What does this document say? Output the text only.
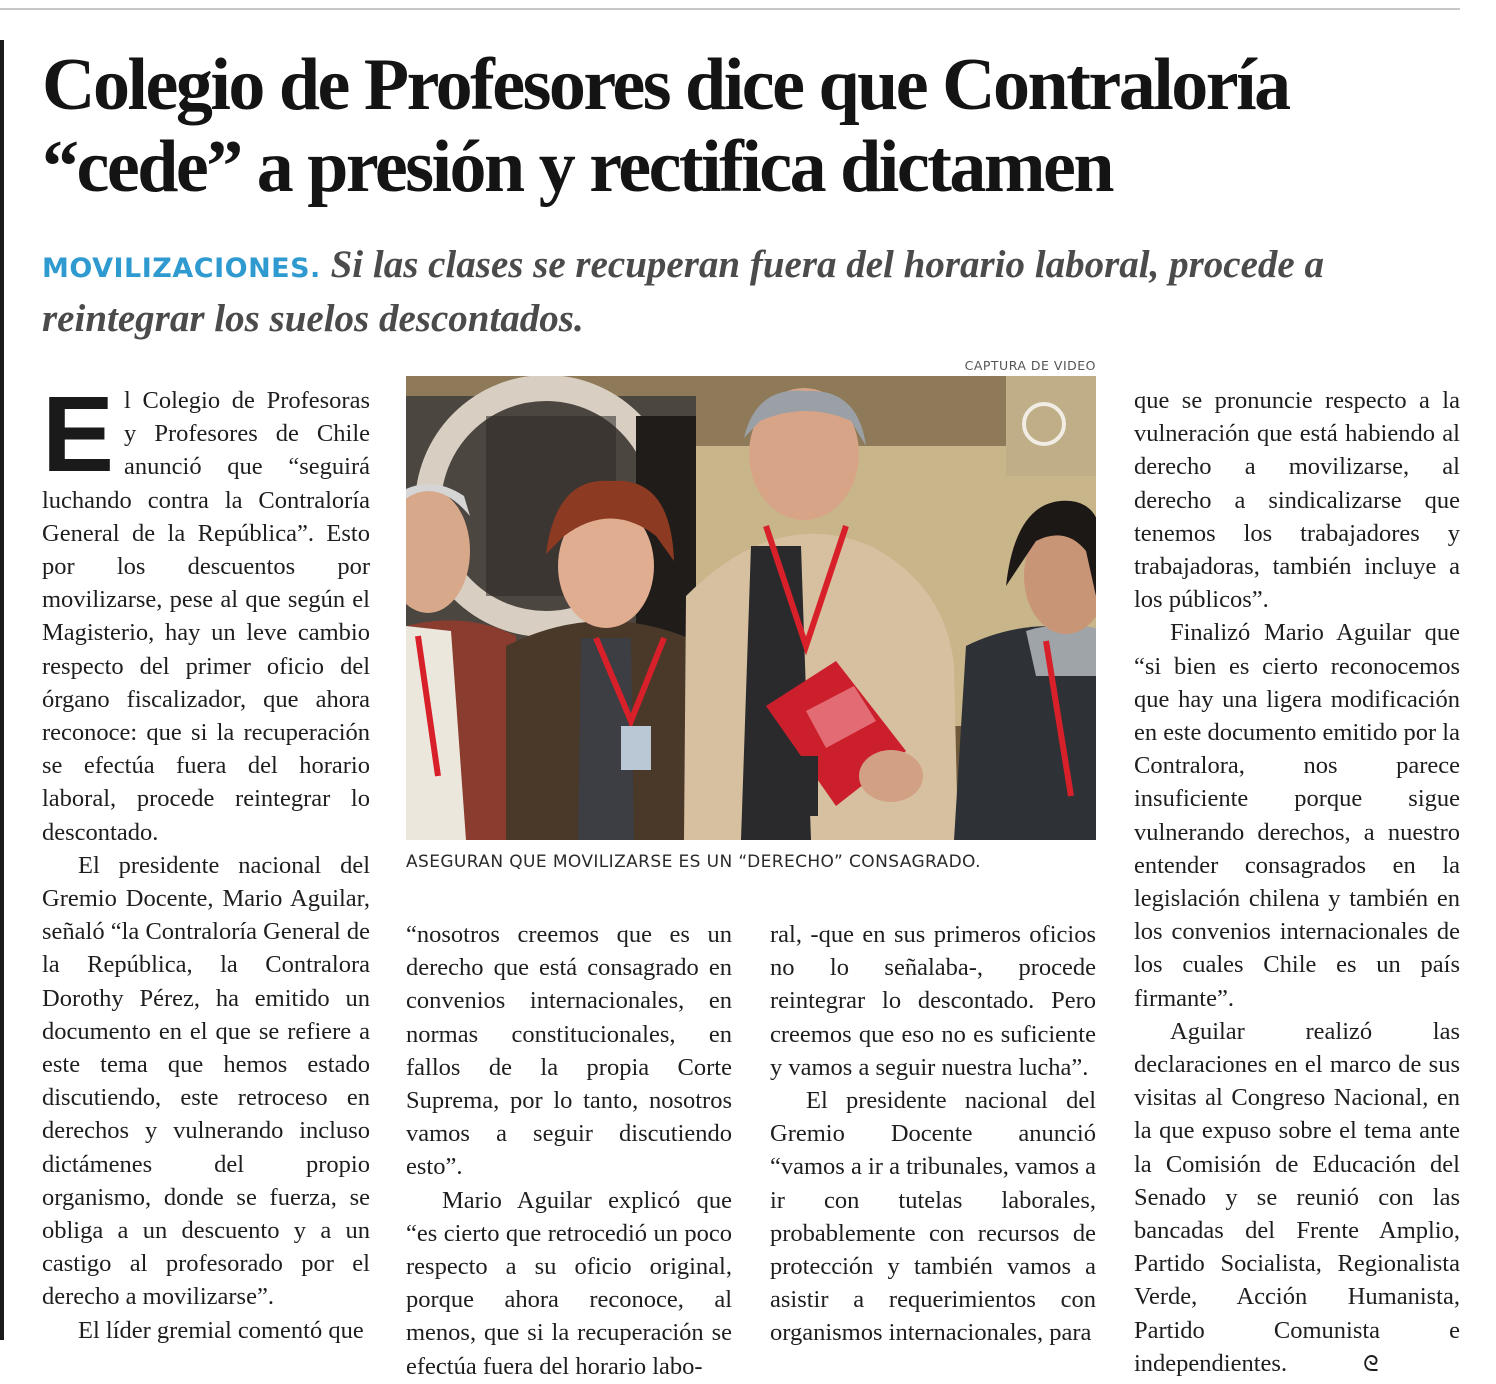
Colegio de Profesores dice que Contraloría
“cede” a presión y rectifica dictamen
MOVILIZACIONES. Si las clases se recuperan fuera del horario laboral, procede a reintegrar los suelos descontados.

El Colegio de Profesoras y Profesores de Chile anunció que “seguirá luchando contra la Contraloría General de la República”. Esto por los descuentos por movilizarse, pese al que según el Magisterio, hay un leve cambio respecto del primer oficio del órgano fiscalizador, que ahora reconoce: que si la recuperación se efectúa fuera del horario laboral, procede reintegrar lo descontado.

El presidente nacional del Gremio Docente, Mario Aguilar, señaló “la Contraloría General de la República, la Contralora Dorothy Pérez, ha emitido un documento en el que se refiere a este tema que hemos estado discutiendo, este retroceso en derechos y vulnerando incluso dictámenes del propio organismo, donde se fuerza, se obliga a un descuento y a un castigo al profesorado por el derecho a movilizarse”.

El líder gremial comentó que

CAPTURA DE VIDEO
ASEGURAN QUE MOVILIZARSE ES UN “DERECHO” CONSAGRADO.

“nosotros creemos que es un derecho que está consagrado en convenios internacionales, en normas constitucionales, en fallos de la propia Corte Suprema, por lo tanto, nosotros vamos a seguir discutiendo esto”.

Mario Aguilar explicó que “es cierto que retrocedió un poco respecto a su oficio original, porque ahora reconoce, al menos, que si la recuperación se efectúa fuera del horario labo-

ral, -que en sus primeros oficios no lo señalaba-, procede reintegrar lo descontado. Pero creemos que eso no es suficiente y vamos a seguir nuestra lucha”.

El presidente nacional del Gremio Docente anunció “vamos a ir a tribunales, vamos a ir con tutelas laborales, probablemente con recursos de protección y también vamos a asistir a requerimientos con organismos internacionales, para

que se pronuncie respecto a la vulneración que está habiendo al derecho a movilizarse, al derecho a sindicalizarse que tenemos los trabajadores y trabajadoras, también incluye a los públicos”.

Finalizó Mario Aguilar que “si bien es cierto reconocemos que hay una ligera modificación en este documento emitido por la Contralora, nos parece insuficiente porque sigue vulnerando derechos, a nuestro entender consagrados en la legislación chilena y también en los convenios internacionales de los cuales Chile es un país firmante”.

Aguilar realizó las declaraciones en el marco de sus visitas al Congreso Nacional, en la que expuso sobre el tema ante la Comisión de Educación del Senado y se reunió con las bancadas del Frente Amplio, Partido Socialista, Regionalista Verde, Acción Humanista, Partido Comunista e independientes.	ᘓ
